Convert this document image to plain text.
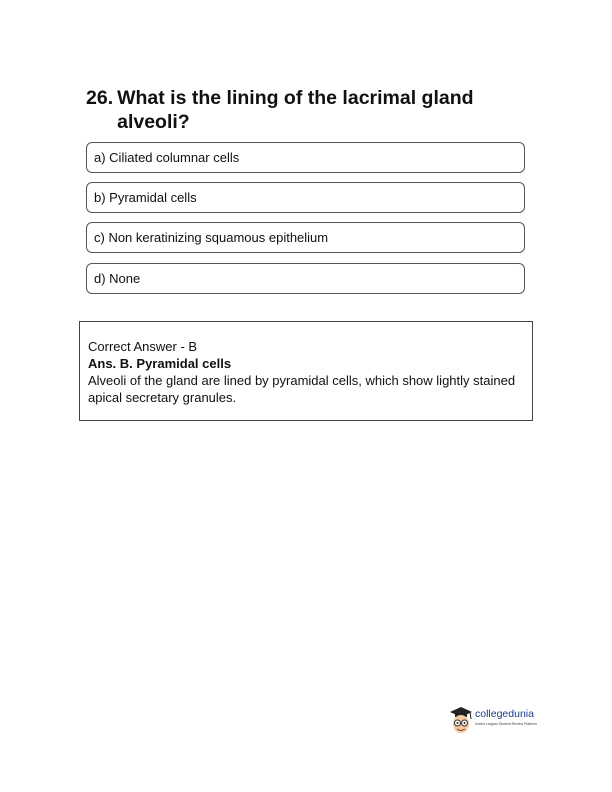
26. What is the lining of the lacrimal gland alveoli?
a) Ciliated columnar cells
b) Pyramidal cells
c) Non keratinizing squamous epithelium
d) None
Correct Answer - B
Ans. B. Pyramidal cells
Alveoli of the gland are lined by pyramidal cells, which show lightly stained apical secretary granules.
collegedunia
India's Largest Student Review Platform
